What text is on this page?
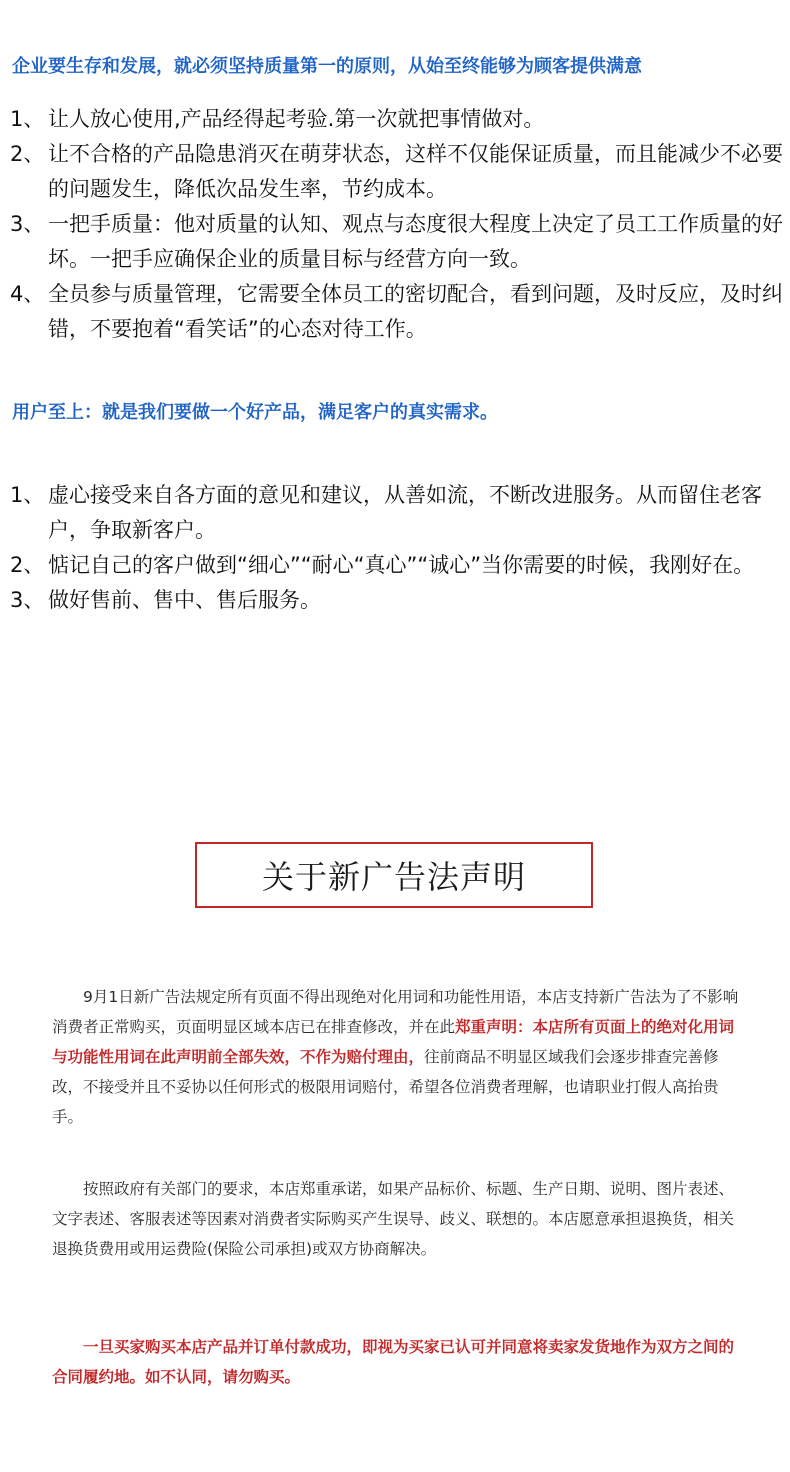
企业要生存和发展，就必须坚持质量第一的原则，从始至终能够为顾客提供满意

1、 让人放心使用,产品经得起考验.第一次就把事情做对。
2、 让不合格的产品隐患消灭在萌芽状态，这样不仅能保证质量，而且能减少不必要的问题发生，降低次品发生率，节约成本。
3、 一把手质量：他对质量的认知、观点与态度很大程度上决定了员工工作质量的好坏。一把手应确保企业的质量目标与经营方向一致。
4、 全员参与质量管理，它需要全体员工的密切配合，看到问题，及时反应，及时纠错，不要抱着“看笑话”的心态对待工作。

用户至上：就是我们要做一个好产品，满足客户的真实需求。

1、 虚心接受来自各方面的意见和建议，从善如流，不断改进服务。从而留住老客户，争取新客户。
2、 惦记自己的客户做到“细心”“耐心“真心”“诚心”当你需要的时候，我刚好在。
3、 做好售前、售中、售后服务。
关于新广告法声明

9月1日新广告法规定所有页面不得出现绝对化用词和功能性用语，本店支持新广告法为了不影响消费者正常购买，页面明显区域本店已在排查修改，并在此郑重声明：本店所有页面上的绝对化用词与功能性用词在此声明前全部失效，不作为赔付理由，往前商品不明显区域我们会逐步排查完善修改，不接受并且不妥协以任何形式的极限用词赔付，希望各位消费者理解，也请职业打假人高抬贵手。

按照政府有关部门的要求，本店郑重承诺，如果产品标价、标题、生产日期、说明、图片表述、文字表述、客服表述等因素对消费者实际购买产生误导、歧义、联想的。本店愿意承担退换货，相关退换货费用或用运费险(保险公司承担)或双方协商解决。

一旦买家购买本店产品并订单付款成功，即视为买家已认可并同意将卖家发货地作为双方之间的合同履约地。如不认同，请勿购买。
